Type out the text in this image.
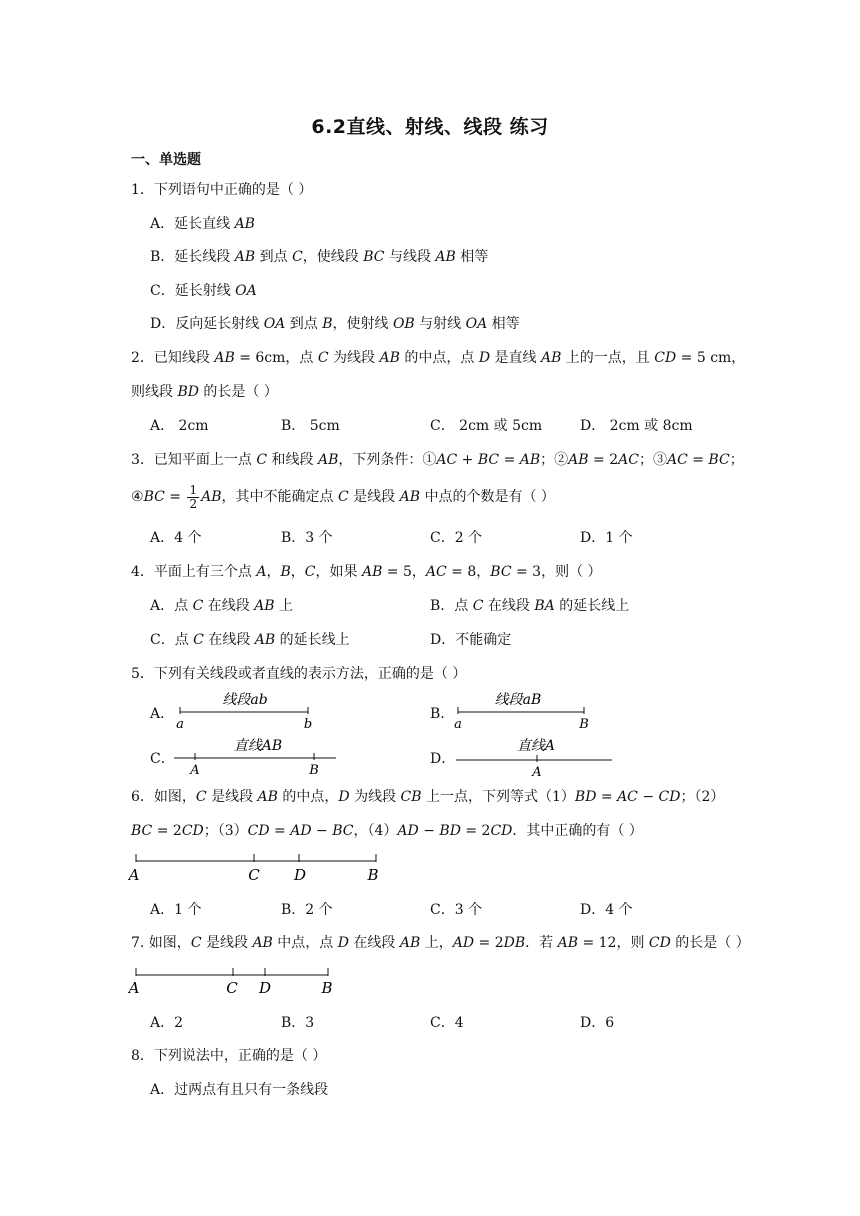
6.2直线、射线、线段 练习
一、单选题
1．下列语句中正确的是（ ）
A．延长直线 AB
B．延长线段 AB 到点 C，使线段 BC 与线段 AB 相等
C．延长射线 OA
D．反向延长射线 OA 到点 B，使射线 OB 与射线 OA 相等
2．已知线段 AB = 6cm，点 C 为线段 AB 的中点，点 D 是直线 AB 上的一点，且 CD = 5 cm，
则线段 BD 的长是（ ）
A． 2cm	B． 5cm	C． 2cm 或 5cm	D． 2cm 或 8cm
3．已知平面上一点 C 和线段 AB，下列条件：①AC + BC = AB；②AB = 2AC；③AC = BC；
④BC = $\frac{1}{2}$ AB，其中不能确定点 C 是线段 AB 中点的个数是有（ ）
A．4 个	B．3 个	C．2 个	D．1 个
4．平面上有三个点 A，B，C，如果 AB = 5，AC = 8，BC = 3，则（ ）
A．点 C 在线段 AB 上	B．点 C 在线段 BA 的延长线上
C．点 C 在线段 AB 的延长线上	D．不能确定
5．下列有关线段或者直线的表示方法，正确的是（ ）
A．
线段ab
a	b
B．
线段aB
a	B
C．
直线AB
A	B
D．
直线A
A
6．如图，C 是线段 AB 的中点，D 为线段 CB 上一点，下列等式（1）BD = AC − CD；（2）
BC = 2CD；（3）CD = AD − BC，（4）AD − BD = 2CD．其中正确的有（ ）
A	C D	B
A．1 个	B．2 个	C．3 个	D．4 个
7. 如图，C 是线段 AB 中点，点 D 在线段 AB 上，AD = 2DB．若 AB = 12，则 CD 的长是（ ）
A	C D	B
A．2	B．3	C．4	D．6
8．下列说法中，正确的是（ ）
A．过两点有且只有一条线段
